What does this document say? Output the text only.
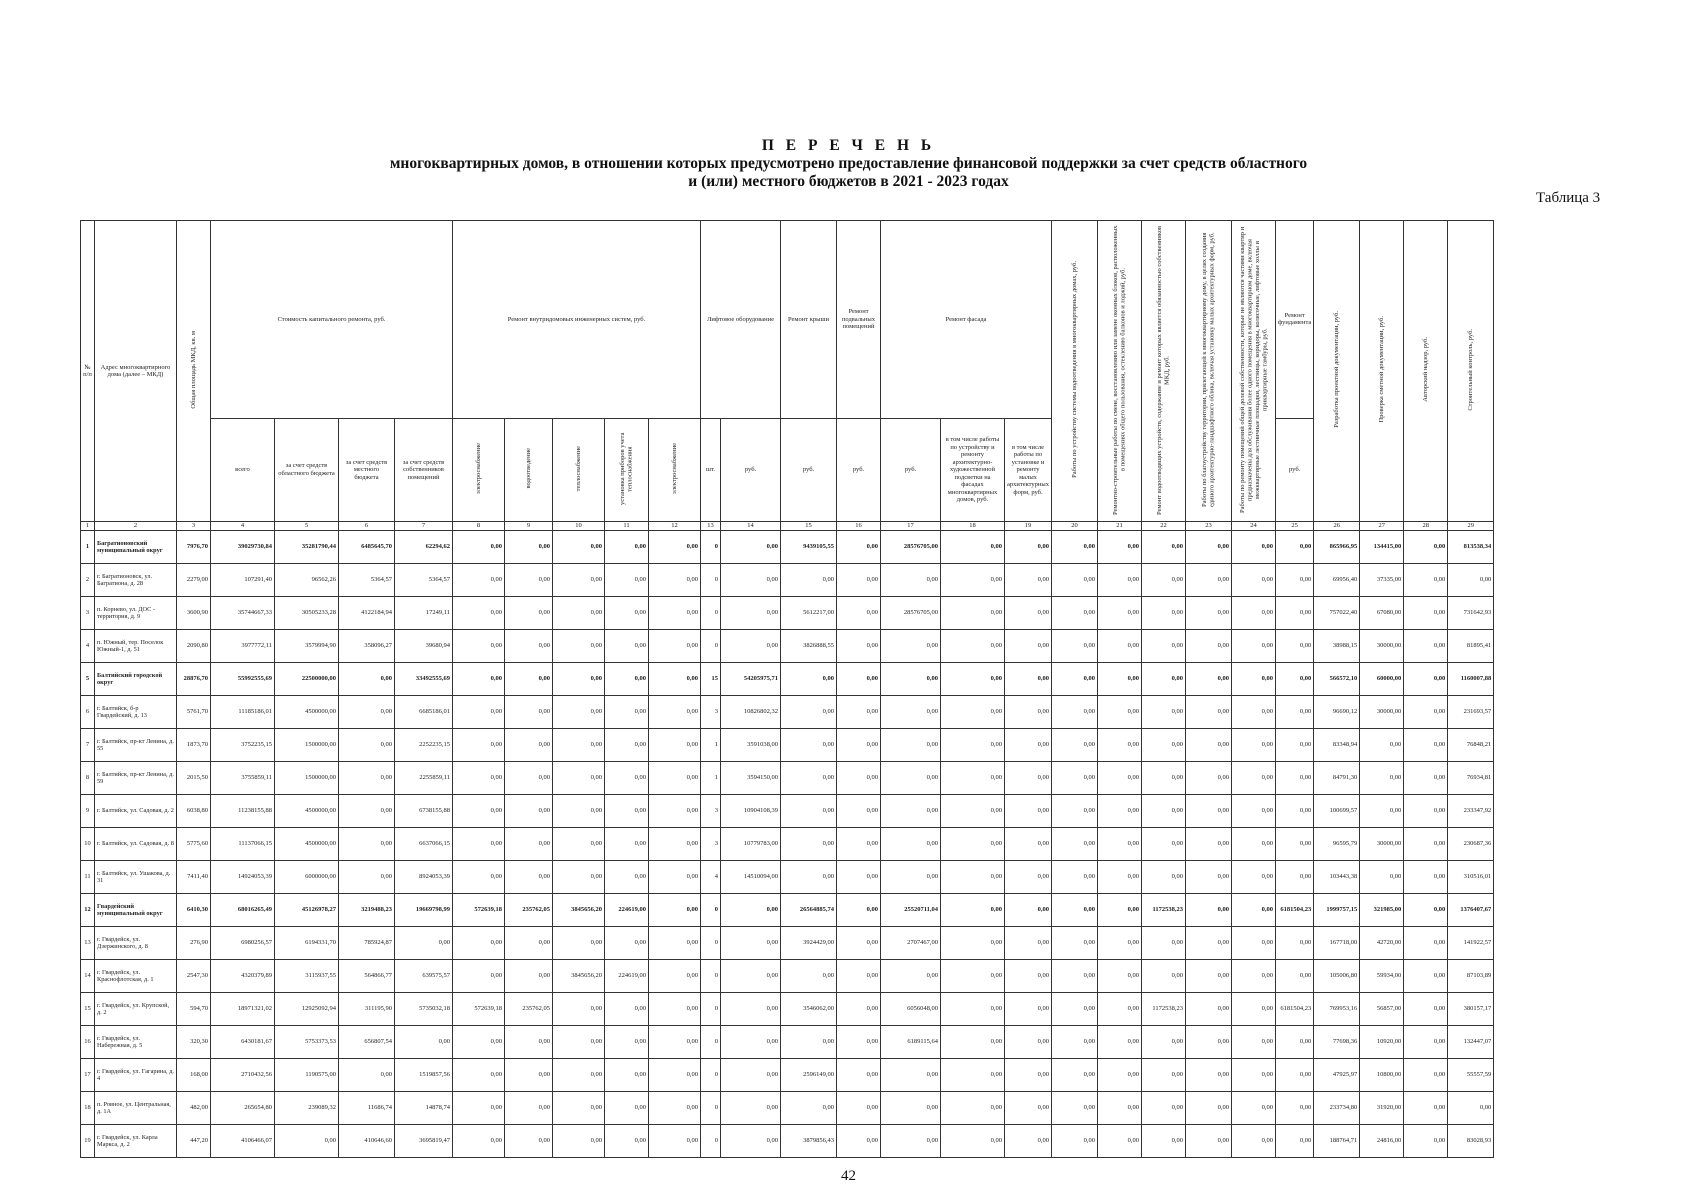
П Е Р Е Ч Е Н Ь
многоквартирных домов, в отношении которых предусмотрено предоставление финансовой поддержки за счет средств областного
и (или) местного бюджетов в 2021 - 2023 годах
Таблица 3
№ п/п	Адрес многоквартирного дома (далее – МКД)	Общая площадь МКД, кв. м	Стоимость капитального ремонта, руб.				Ремонт внутридомовых инженерных систем, руб.					Лифтовое оборудование		Ремонт крыши	Ремонт подвальных помещений	Ремонт фасада			Работы по устройству системы водоотведения в многоквартирных домах, руб.	Ремонтно-строительные работы по смене, восстановлению или замене оконных блоков, расположенных в помещениях общего пользования, остеклению балконов и лоджий, руб.	Ремонт водоотводящих устройств, содержание и ремонт которых является обязанностью собственников МКД, руб.	Работы по благоустройству территории, прилегающей к многоквартирному дому, в целях создания единого архитектурно-ландшафтного облика, включая установку малых архитектурных форм, руб.	Работы по ремонту помещений общей долевой собственности, которые не являются частями квартир и предназначены для обслуживания более одного помещения в многоквартирном доме, включая межквартирные лестничные площадки, лестницы, коридоры, колясочные, лифтовые холлы и приквартирные тамбуры, руб.	Ремонт фундамента	Разработка проектной документации, руб.	Проверка сметной документации, руб.	Авторский надзор, руб.	Строительный контроль, руб.
			всего	за счет средств областного бюджета	за счет средств местного бюджета	за счет средств собственников помещений	электроснабжение	водоотведение	теплоснабжение	установка приборов учета теплоснабжения	электроснабжение	шт.	руб.	руб.	руб.	руб.	в том числе работы по устройству и ремонту архитектурно-художественной подсветки на фасадах многоквартирных домов, руб.	в том числе работы по установке и ремонту малых архитектурных форм, руб.						руб.				
1	2	3	4	5	6	7	8	9	10	11	12	13	14	15	16	17	18	19	20	21	22	23	24	25	26	27	28	29
1	Багратионовский муниципальный округ	7976,70	39029730,84	35281790,44	6485645,70	62294,62	0,00	0,00	0,00	0,00	0,00	0	0,00	9439105,55	0,00	28576705,00	0,00	0,00	0,00	0,00	0,00	0,00	0,00	0,00	865966,95	134415,00	0,00	813538,34
2	г. Багратионовск, ул. Багратиона, д. 28	2279,00	107291,40	96562,26	5364,57	5364,57	0,00	0,00	0,00	0,00	0,00	0	0,00	0,00	0,00	0,00	0,00	0,00	0,00	0,00	0,00	0,00	0,00	0,00	69956,40	37335,00	0,00	0,00
3	п. Корнево, ул. ДОС - территория, д. 9	3600,90	35744667,33	30505233,28	4122184,94	17249,11	0,00	0,00	0,00	0,00	0,00	0	0,00	5612217,00	0,00	28576705,00	0,00	0,00	0,00	0,00	0,00	0,00	0,00	0,00	757022,40	67080,00	0,00	731642,93
4	п. Южный, тер. Поселок Южный-1, д. 51	2090,80	3977772,11	3579994,90	358096,27	39680,94	0,00	0,00	0,00	0,00	0,00	0	0,00	3826888,55	0,00	0,00	0,00	0,00	0,00	0,00	0,00	0,00	0,00	0,00	38988,15	30000,00	0,00	81895,41
5	Балтийский городской округ	28876,70	55992555,69	22500000,00	0,00	33492555,69	0,00	0,00	0,00	0,00	0,00	15	54205975,71	0,00	0,00	0,00	0,00	0,00	0,00	0,00	0,00	0,00	0,00	0,00	566572,10	60000,00	0,00	1160007,88
6	г. Балтийск, б-р Гвардейский, д. 13	5761,70	11185186,01	4500000,00	0,00	6685186,01	0,00	0,00	0,00	0,00	0,00	3	10826802,32	0,00	0,00	0,00	0,00	0,00	0,00	0,00	0,00	0,00	0,00	0,00	96690,12	30000,00	0,00	231693,57
7	г. Балтийск, пр-кт Ленина, д. 55	1873,70	3752235,15	1500000,00	0,00	2252235,15	0,00	0,00	0,00	0,00	0,00	1	3591038,00	0,00	0,00	0,00	0,00	0,00	0,00	0,00	0,00	0,00	0,00	0,00	83348,94	0,00	0,00	76848,21
8	г. Балтийск, пр-кт Ленина, д. 59	2015,50	3755859,11	1500000,00	0,00	2255859,11	0,00	0,00	0,00	0,00	0,00	1	3594150,00	0,00	0,00	0,00	0,00	0,00	0,00	0,00	0,00	0,00	0,00	0,00	84791,30	0,00	0,00	76934,81
9	г. Балтийск, ул. Садовая, д. 2	6038,80	11238155,88	4500000,00	0,00	6738155,88	0,00	0,00	0,00	0,00	0,00	3	10904108,39	0,00	0,00	0,00	0,00	0,00	0,00	0,00	0,00	0,00	0,00	0,00	100699,57	0,00	0,00	233347,92
10	г. Балтийск, ул. Садовая, д. 8	5775,60	11137066,15	4500000,00	0,00	6637066,15	0,00	0,00	0,00	0,00	0,00	3	10779783,00	0,00	0,00	0,00	0,00	0,00	0,00	0,00	0,00	0,00	0,00	0,00	96595,79	30000,00	0,00	230687,36
11	г. Балтийск, ул. Ушакова, д. 31	7411,40	14924053,39	6000000,00	0,00	8924053,39	0,00	0,00	0,00	0,00	0,00	4	14510094,00	0,00	0,00	0,00	0,00	0,00	0,00	0,00	0,00	0,00	0,00	0,00	103443,38	0,00	0,00	310516,01
12	Гвардейский муниципальный округ	6410,30	68016265,49	45126978,27	3219488,23	19669798,99	572639,18	235762,05	3845656,20	224619,00	0,00	0	0,00	26564885,74	0,00	25520711,04	0,00	0,00	0,00	0,00	1172538,23	0,00	0,00	6181504,23	1999757,15	321985,00	0,00	1376407,67
13	г. Гвардейск, ул. Дзержинского, д. 8	276,90	6980256,57	6194331,70	785924,87	0,00	0,00	0,00	0,00	0,00	0,00	0	0,00	3924429,00	0,00	2707467,00	0,00	0,00	0,00	0,00	0,00	0,00	0,00	0,00	167718,00	42720,00	0,00	141922,57
14	г. Гвардейск, ул. Краснофлотская, д. 1	2547,30	4320379,89	3115937,55	564866,77	639575,57	0,00	0,00	3845656,20	224619,00	0,00	0	0,00	0,00	0,00	0,00	0,00	0,00	0,00	0,00	0,00	0,00	0,00	0,00	105006,80	59934,00	0,00	87103,89
15	г. Гвардейск, ул. Крупской, д. 2	594,70	18971321,02	12925092,94	311195,90	5735032,18	572639,18	235762,05	0,00	0,00	0,00	0	0,00	3546062,00	0,00	6056048,00	0,00	0,00	0,00	0,00	1172538,23	0,00	0,00	6181504,23	769953,16	56857,00	0,00	380157,17
16	г. Гвардейск, ул. Набережная, д. 5	320,30	6430181,67	5753373,53	656807,54	0,00	0,00	0,00	0,00	0,00	0,00	0	0,00	0,00	0,00	6189115,64	0,00	0,00	0,00	0,00	0,00	0,00	0,00	0,00	77698,36	10920,00	0,00	132447,07
17	г. Гвардейск, ул. Гагарина, д. 4	168,00	2710432,56	1190575,00	0,00	1519857,56	0,00	0,00	0,00	0,00	0,00	0	0,00	2596149,00	0,00	0,00	0,00	0,00	0,00	0,00	0,00	0,00	0,00	0,00	47925,97	10800,00	0,00	55557,59
18	п. Ровное, ул. Центральная, д. 1А	482,00	265654,80	239089,32	11686,74	14878,74	0,00	0,00	0,00	0,00	0,00	0	0,00	0,00	0,00	0,00	0,00	0,00	0,00	0,00	0,00	0,00	0,00	0,00	233734,80	31920,00	0,00	0,00
19	г. Гвардейск, ул. Карла Маркса, д. 2	447,20	4106466,07	0,00	410646,60	3695819,47	0,00	0,00	0,00	0,00	0,00	0	0,00	3879856,43	0,00	0,00	0,00	0,00	0,00	0,00	0,00	0,00	0,00	0,00	188764,71	24816,00	0,00	83028,93
42
